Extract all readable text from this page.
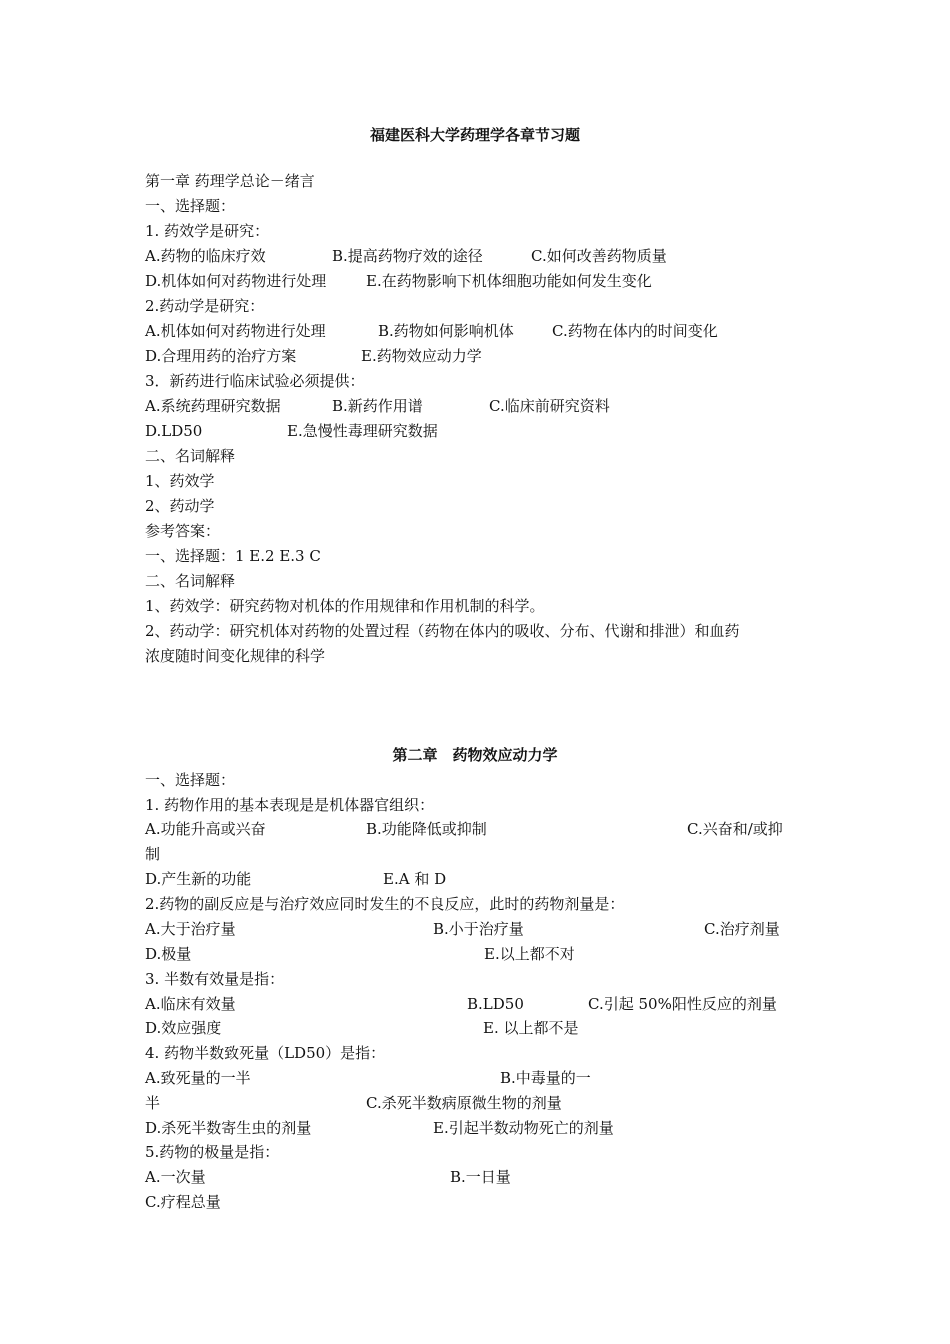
福建医科大学药理学各章节习题
第一章 药理学总论－绪言
一、选择题：
1. 药效学是研究：
A.药物的临床疗效	B.提高药物疗效的途径	C.如何改善药物质量
D.机体如何对药物进行处理	E.在药物影响下机体细胞功能如何发生变化
2.药动学是研究：
A.机体如何对药物进行处理	B.药物如何影响机体	C.药物在体内的时间变化
D.合理用药的治疗方案	E.药物效应动力学
3．新药进行临床试验必须提供：
A.系统药理研究数据	B.新药作用谱	C.临床前研究资料
D.LD50	E.急慢性毒理研究数据
二、名词解释
1、药效学
2、药动学
参考答案：
一、选择题：1 E.2 E.3 C
二、名词解释
1、药效学：研究药物对机体的作用规律和作用机制的科学。
2、药动学：研究机体对药物的处置过程（药物在体内的吸收、分布、代谢和排泄）和血药
浓度随时间变化规律的科学
第二章　药物效应动力学
一、选择题：
1. 药物作用的基本表现是是机体器官组织：
A.功能升高或兴奋	B.功能降低或抑制	C.兴奋和/或抑
制
D.产生新的功能	E.A 和 D
2.药物的副反应是与治疗效应同时发生的不良反应，此时的药物剂量是：
A.大于治疗量	B.小于治疗量	C.治疗剂量
D.极量	E.以上都不对
3. 半数有效量是指：
A.临床有效量	B.LD50	C.引起 50%阳性反应的剂量
D.效应强度	E. 以上都不是
4. 药物半数致死量（LD50）是指：
A.致死量的一半	B.中毒量的一
半	C.杀死半数病原微生物的剂量
D.杀死半数寄生虫的剂量	E.引起半数动物死亡的剂量
5.药物的极量是指：
A.一次量	B.一日量
C.疗程总量
